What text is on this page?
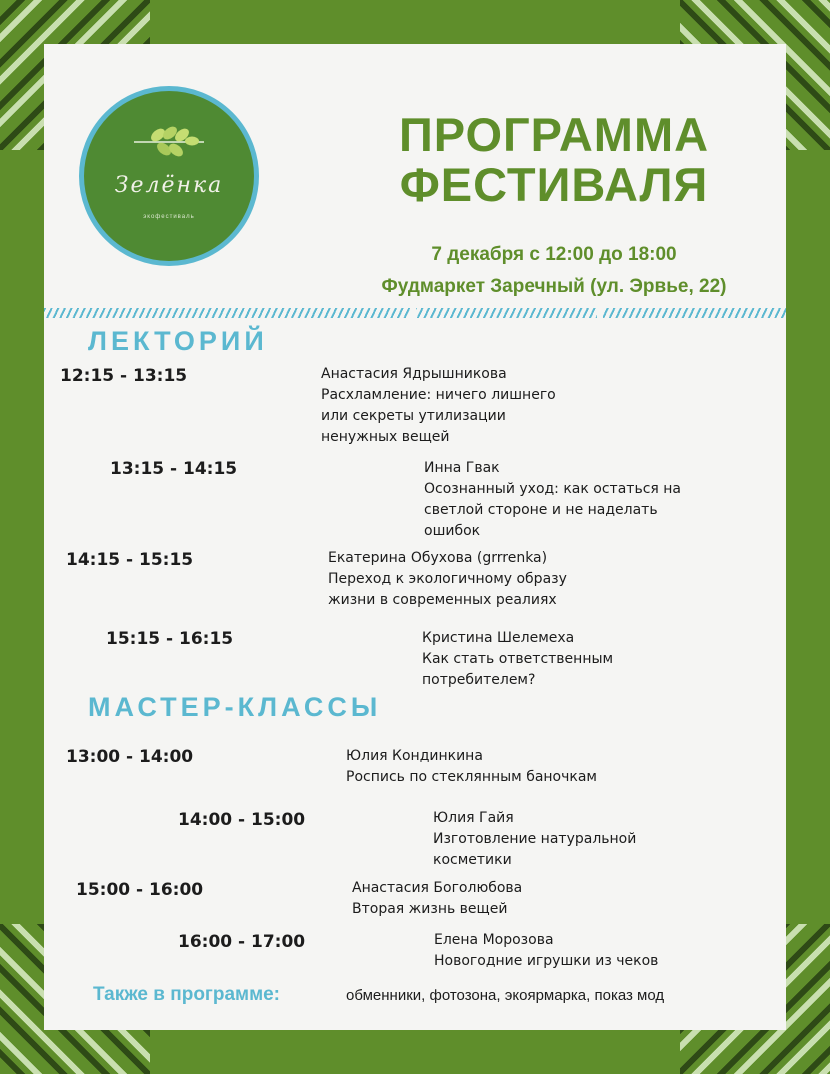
Зелёнка
экофестиваль
ПРОГРАММА
ФЕСТИВАЛЯ
7 декабря с 12:00 до 18:00
Фудмаркет Заречный (ул. Эрвье, 22)
ЛЕКТОРИЙ
12:15 - 13:15	Анастасия Ядрышникова
Расхламление: ничего лишнего
или секреты утилизации
ненужных вещей
13:15 - 14:15	Инна Гвак
Осознанный уход: как остаться на
светлой стороне и не наделать
ошибок
14:15 - 15:15	Екатерина Обухова (grrrenka)
Переход к экологичному образу
жизни в современных реалиях
15:15 - 16:15	Кристина Шелемеха
Как стать ответственным
потребителем?
МАСТЕР-КЛАССЫ
13:00 - 14:00	Юлия Кондинкина
Роспись по стеклянным баночкам
14:00 - 15:00	Юлия Гайя
Изготовление натуральной
косметики
15:00 - 16:00	Анастасия Боголюбова
Вторая жизнь вещей
16:00 - 17:00	Елена Морозова
Новогодние игрушки из чеков
Также в программе:	обменники, фотозона, экоярмарка, показ мод
